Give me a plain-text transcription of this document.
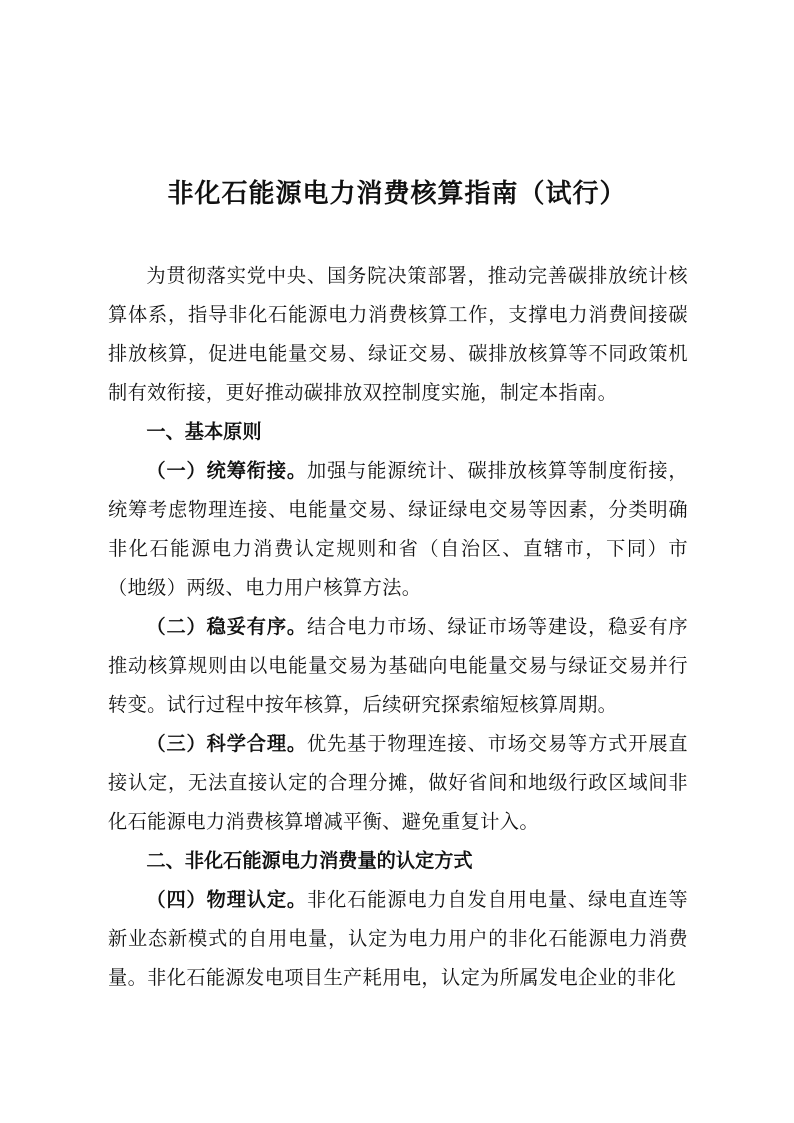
非化石能源电力消费核算指南（试行）

为贯彻落实党中央、国务院决策部署，推动完善碳排放统计核算体系，指导非化石能源电力消费核算工作，支撑电力消费间接碳排放核算，促进电能量交易、绿证交易、碳排放核算等不同政策机制有效衔接，更好推动碳排放双控制度实施，制定本指南。

一、基本原则

（一）统筹衔接。加强与能源统计、碳排放核算等制度衔接，统筹考虑物理连接、电能量交易、绿证绿电交易等因素，分类明确非化石能源电力消费认定规则和省（自治区、直辖市，下同）市（地级）两级、电力用户核算方法。

（二）稳妥有序。结合电力市场、绿证市场等建设，稳妥有序推动核算规则由以电能量交易为基础向电能量交易与绿证交易并行转变。试行过程中按年核算，后续研究探索缩短核算周期。

（三）科学合理。优先基于物理连接、市场交易等方式开展直接认定，无法直接认定的合理分摊，做好省间和地级行政区域间非化石能源电力消费核算增减平衡、避免重复计入。

二、非化石能源电力消费量的认定方式

（四）物理认定。非化石能源电力自发自用电量、绿电直连等新业态新模式的自用电量，认定为电力用户的非化石能源电力消费量。非化石能源发电项目生产耗用电，认定为所属发电企业的非化
